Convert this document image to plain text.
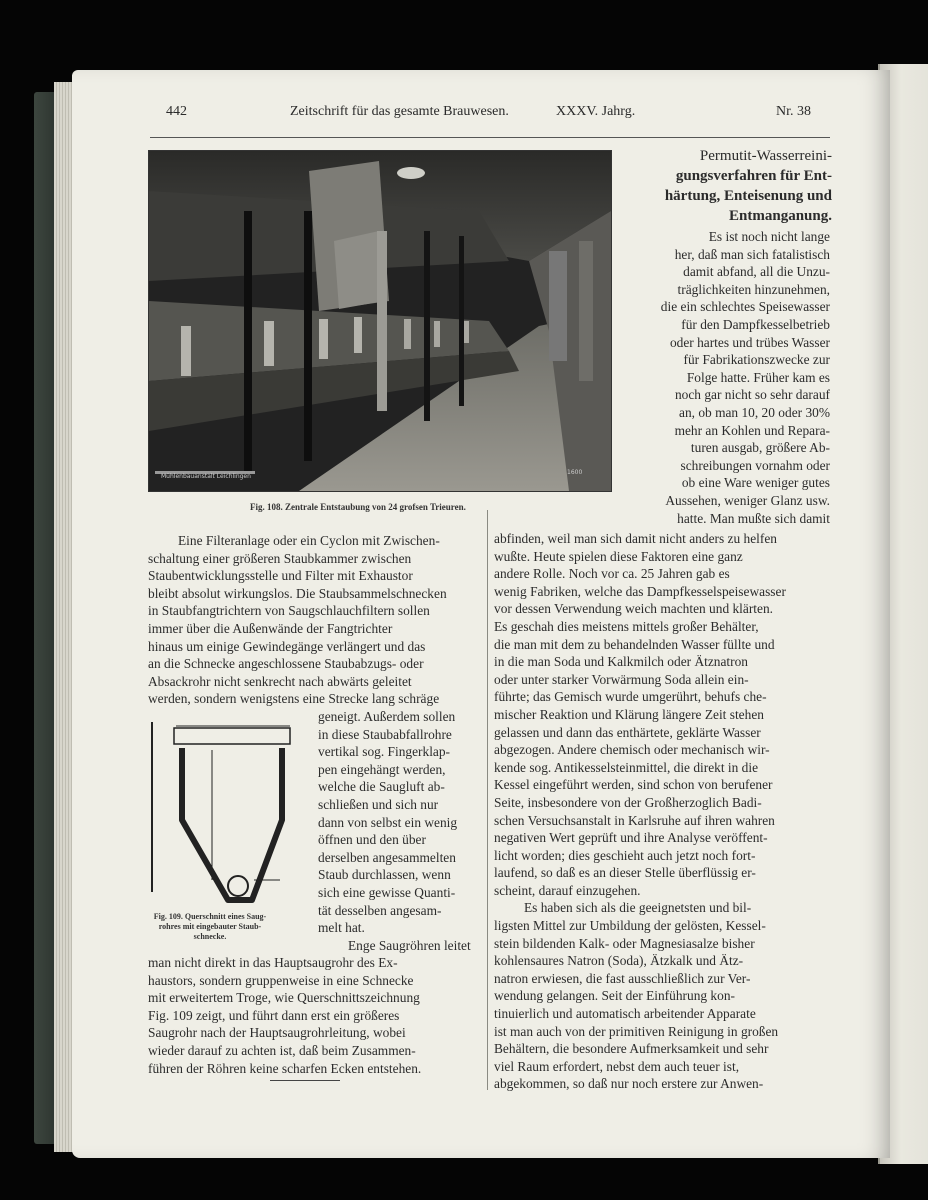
442	Zeitschrift für das gesamte Brauwesen.	XXXV. Jahrg.	Nr. 38
Mühlenbauanstalt Leichlingen
1600
Fig. 108. Zentrale Entstaubung von 24 grofsen Trieuren.
Permutit-Wasserreini-
gungsverfahren für Ent-
härtung, Enteisenung und
Entmanganung.
Es ist noch nicht lange
her, daß man sich fatalistisch
damit abfand, all die Unzu-
träglichkeiten hinzunehmen,
die ein schlechtes Speisewasser
für den Dampfkesselbetrieb
oder hartes und trübes Wasser
für Fabrikationszwecke zur
Folge hatte. Früher kam es
noch gar nicht so sehr darauf
an, ob man 10, 20 oder 30%
mehr an Kohlen und Repara-
turen ausgab, größere Ab-
schreibungen vornahm oder
ob eine Ware weniger gutes
Aussehen, weniger Glanz usw.
hatte. Man mußte sich damit
Eine Filteranlage oder ein Cyclon mit Zwischen-
schaltung einer größeren Staubkammer zwischen
Staubentwicklungsstelle und Filter mit Exhaustor
bleibt absolut wirkungslos. Die Staubsammelschnecken
in Staubfangtrichtern von Saugschlauchfiltern sollen
immer über die Außenwände der Fangtrichter
hinaus um einige Gewindegänge verlängert und das
an die Schnecke angeschlossene Staubabzugs- oder
Absackrohr nicht senkrecht nach abwärts geleitet
werden, sondern wenigstens eine Strecke lang schräge
Fig. 109. Querschnitt eines Saug-
rohres mit eingebauter Staub-
schnecke.
geneigt. Außerdem sollen
in diese Staubabfallrohre
vertikal sog. Fingerklap-
pen eingehängt werden,
welche die Saugluft ab-
schließen und sich nur
dann von selbst ein wenig
öffnen und den über
derselben angesammelten
Staub durchlassen, wenn
sich eine gewisse Quanti-
tät desselben angesam-
melt hat.
Enge Saugröhren leitet
man nicht direkt in das Hauptsaugrohr des Ex-
haustors, sondern gruppenweise in eine Schnecke
mit erweitertem Troge, wie Querschnittszeichnung
Fig. 109 zeigt, und führt dann erst ein größeres
Saugrohr nach der Hauptsaugrohrleitung, wobei
wieder darauf zu achten ist, daß beim Zusammen-
führen der Röhren keine scharfen Ecken entstehen.
abfinden, weil man sich damit nicht anders zu helfen
wußte. Heute spielen diese Faktoren eine ganz
andere Rolle. Noch vor ca. 25 Jahren gab es
wenig Fabriken, welche das Dampfkesselspeisewasser
vor dessen Verwendung weich machten und klärten.
Es geschah dies meistens mittels großer Behälter,
die man mit dem zu behandelnden Wasser füllte und
in die man Soda und Kalkmilch oder Ätznatron
oder unter starker Vorwärmung Soda allein ein-
führte; das Gemisch wurde umgerührt, behufs che-
mischer Reaktion und Klärung längere Zeit stehen
gelassen und dann das enthärtete, geklärte Wasser
abgezogen. Andere chemisch oder mechanisch wir-
kende sog. Antikesselsteinmittel, die direkt in die
Kessel eingeführt werden, sind schon von berufener
Seite, insbesondere von der Großherzoglich Badi-
schen Versuchsanstalt in Karlsruhe auf ihren wahren
negativen Wert geprüft und ihre Analyse veröffent-
licht worden; dies geschieht auch jetzt noch fort-
laufend, so daß es an dieser Stelle überflüssig er-
scheint, darauf einzugehen.
Es haben sich als die geeignetsten und bil-
ligsten Mittel zur Umbildung der gelösten, Kessel-
stein bildenden Kalk- oder Magnesiasalze bisher
kohlensaures Natron (Soda), Ätzkalk und Ätz-
natron erwiesen, die fast ausschließlich zur Ver-
wendung gelangen. Seit der Einführung kon-
tinuierlich und automatisch arbeitender Apparate
ist man auch von der primitiven Reinigung in großen
Behältern, die besondere Aufmerksamkeit und sehr
viel Raum erfordert, nebst dem auch teuer ist,
abgekommen, so daß nur noch erstere zur Anwen-
